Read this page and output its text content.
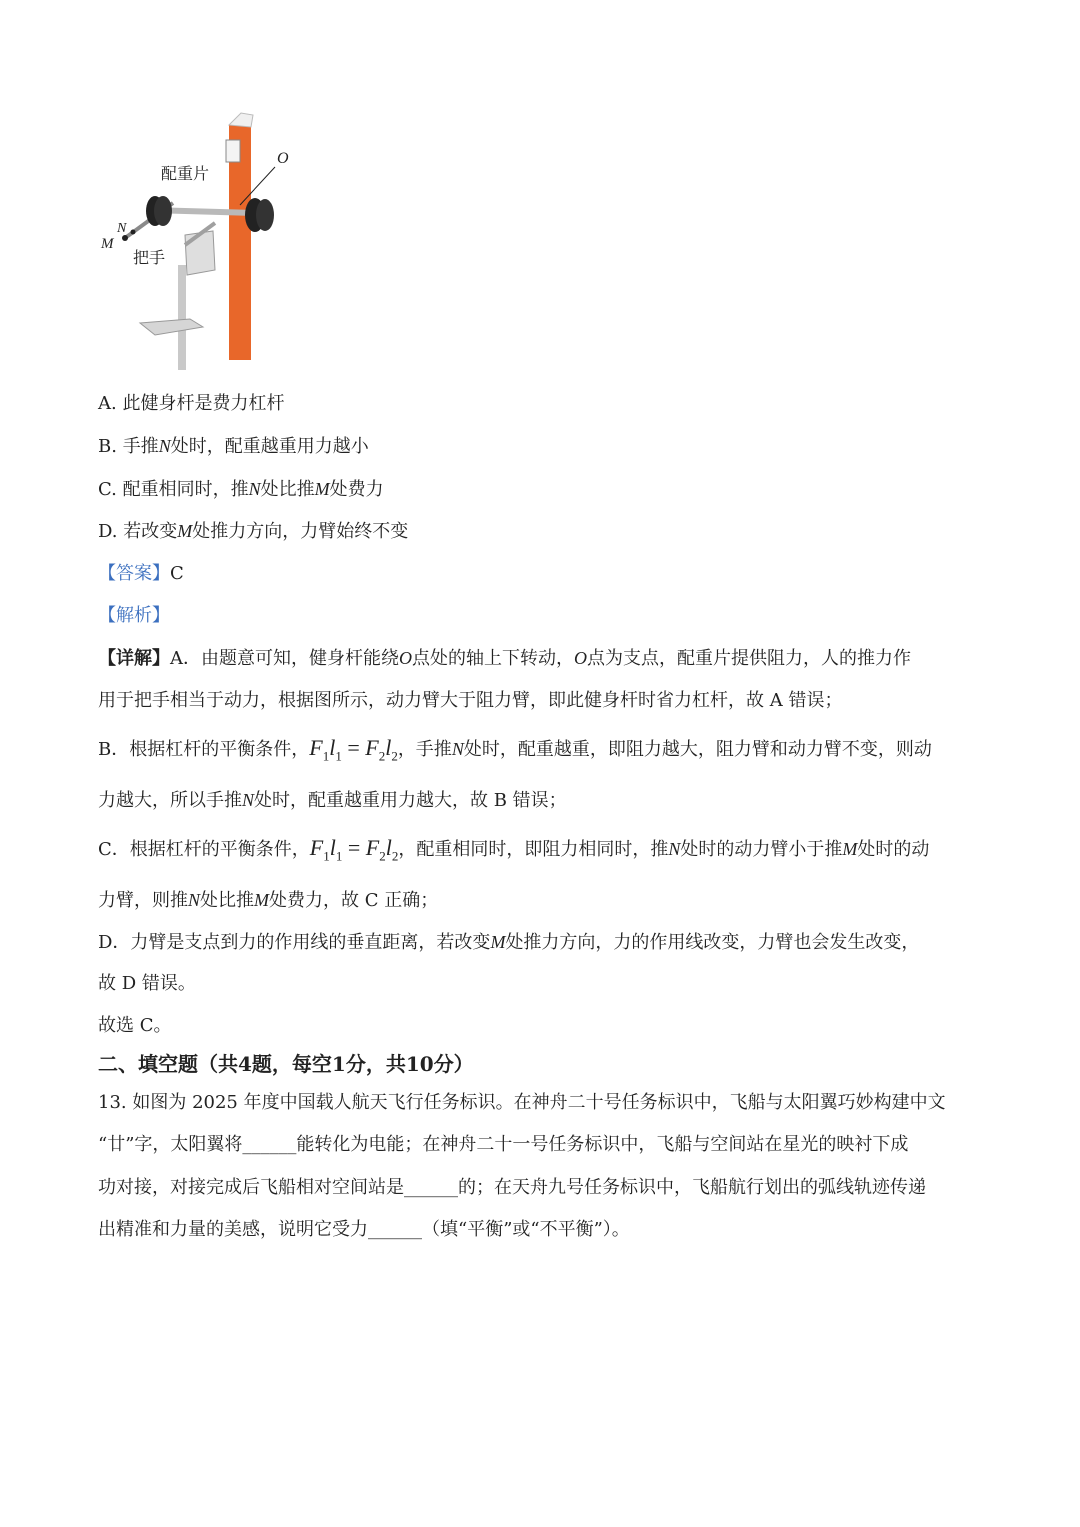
配重片
O
N
M
把手
A. 此健身杆是费力杠杆
B. 手推N处时，配重越重用力越小
C. 配重相同时，推N处比推M处费力
D. 若改变M处推力方向，力臂始终不变
【答案】C
【解析】
【详解】A．由题意可知，健身杆能绕O点处的轴上下转动，O点为支点，配重片提供阻力，人的推力作
用于把手相当于动力，根据图所示，动力臂大于阻力臂，即此健身杆时省力杠杆，故 A 错误；
B．根据杠杆的平衡条件，$F_1l_1 = F_2l_2$，手推N处时，配重越重，即阻力越大，阻力臂和动力臂不变，则动
力越大，所以手推N处时，配重越重用力越大，故 B 错误；
C．根据杠杆的平衡条件，$F_1l_1 = F_2l_2$，配重相同时，即阻力相同时，推N处时的动力臂小于推M处时的动
力臂，则推N处比推M处费力，故 C 正确；
D．力臂是支点到力的作用线的垂直距离，若改变M处推力方向，力的作用线改变，力臂也会发生改变，
故 D 错误。
故选 C。
二、填空题（共4题，每空1分，共10分）
13. 如图为 2025 年度中国载人航天飞行任务标识。在神舟二十号任务标识中，飞船与太阳翼巧妙构建中文
“廿”字，太阳翼将______能转化为电能；在神舟二十一号任务标识中，飞船与空间站在星光的映衬下成
功对接，对接完成后飞船相对空间站是______的；在天舟九号任务标识中，飞船航行划出的弧线轨迹传递
出精准和力量的美感，说明它受力______（填“平衡”或“不平衡”）。
